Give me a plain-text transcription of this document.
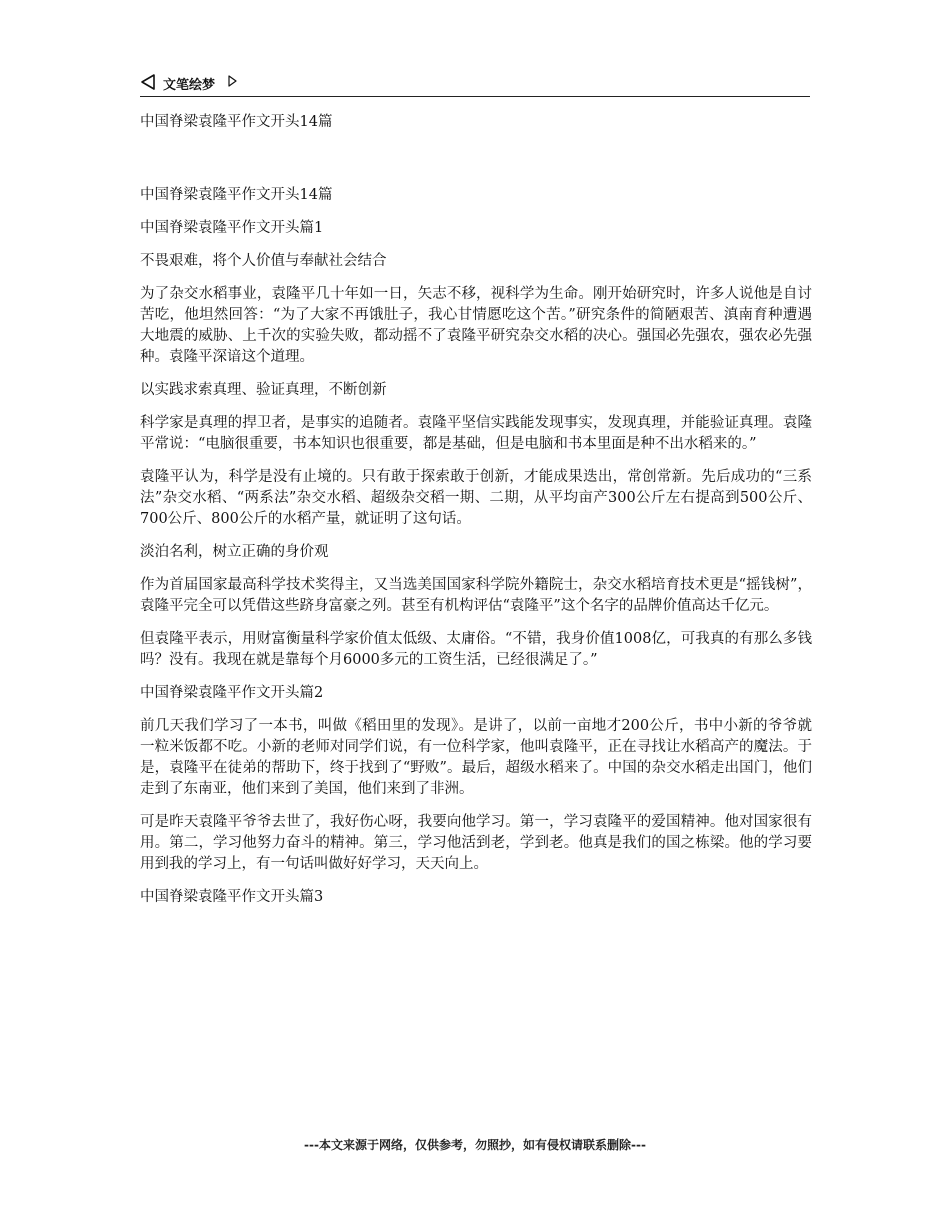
文笔绘梦

中国脊梁袁隆平作文开头14篇

中国脊梁袁隆平作文开头14篇

中国脊梁袁隆平作文开头篇1

不畏艰难，将个人价值与奉献社会结合

为了杂交水稻事业，袁隆平几十年如一日，矢志不移，视科学为生命。刚开始研究时，许多人说他是自讨苦吃，他坦然回答：“为了大家不再饿肚子，我心甘情愿吃这个苦。”研究条件的简陋艰苦、滇南育种遭遇大地震的威胁、上千次的实验失败，都动摇不了袁隆平研究杂交水稻的决心。强国必先强农，强农必先强种。袁隆平深谙这个道理。

以实践求索真理、验证真理，不断创新

科学家是真理的捍卫者，是事实的追随者。袁隆平坚信实践能发现事实，发现真理，并能验证真理。袁隆平常说：“电脑很重要，书本知识也很重要，都是基础，但是电脑和书本里面是种不出水稻来的。”

袁隆平认为，科学是没有止境的。只有敢于探索敢于创新，才能成果迭出，常创常新。先后成功的“三系法”杂交水稻、“两系法”杂交水稻、超级杂交稻一期、二期，从平均亩产300公斤左右提高到500公斤、700公斤、800公斤的水稻产量，就证明了这句话。

淡泊名利，树立正确的身价观

作为首届国家最高科学技术奖得主，又当选美国国家科学院外籍院士，杂交水稻培育技术更是“摇钱树”，袁隆平完全可以凭借这些跻身富豪之列。甚至有机构评估“袁隆平”这个名字的品牌价值高达千亿元。

但袁隆平表示，用财富衡量科学家价值太低级、太庸俗。“不错，我身价值1008亿，可我真的有那么多钱吗？没有。我现在就是靠每个月6000多元的工资生活，已经很满足了。”

中国脊梁袁隆平作文开头篇2

前几天我们学习了一本书，叫做《稻田里的发现》。是讲了，以前一亩地才200公斤，书中小新的爷爷就一粒米饭都不吃。小新的老师对同学们说，有一位科学家，他叫袁隆平，正在寻找让水稻高产的魔法。于是，袁隆平在徒弟的帮助下，终于找到了“野败”。最后，超级水稻来了。中国的杂交水稻走出国门，他们走到了东南亚，他们来到了美国，他们来到了非洲。

可是昨天袁隆平爷爷去世了，我好伤心呀，我要向他学习。第一，学习袁隆平的爱国精神。他对国家很有用。第二，学习他努力奋斗的精神。第三，学习他活到老，学到老。他真是我们的国之栋梁。他的学习要用到我的学习上，有一句话叫做好好学习，天天向上。

中国脊梁袁隆平作文开头篇3

---本文来源于网络，仅供参考，勿照抄，如有侵权请联系删除---
